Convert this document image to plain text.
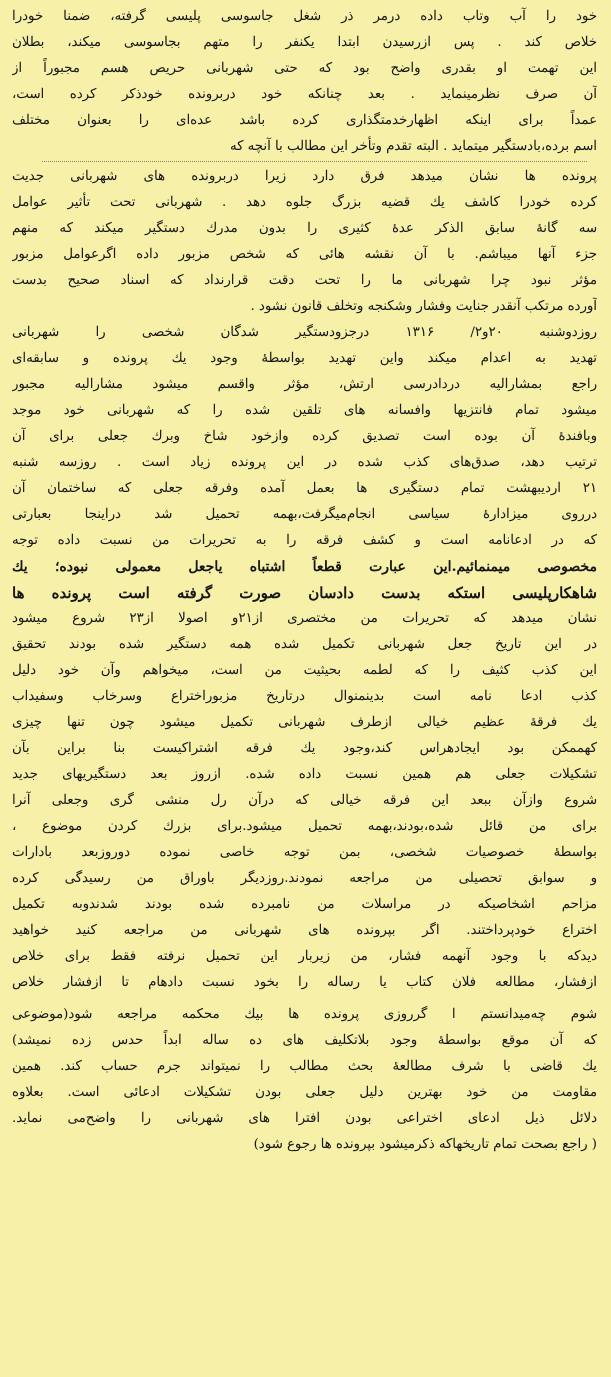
خود را آب وتاب داده درمر ذر شغل جاسوسی پلیسی گرفته، ضمنا خودرا
خلاص کند . پس ازرسیدن ابتدا یکنفر را متهم بجاسوسی میکند، بطلان
این تهمت او بقدری واضح بود که حتی شهربانی حریص هسم مجبوراً از
آن صرف نظرمینماید . بعد چنانکه خود دربرونده خودذکر کرده است،
عمداً برای اینکه اظهارخدمتگذاری کرده باشد عده‌ای را بعنوان مختلف
اسم برده،بادستگیر میتماید . البته تقدم وتأخر این مطالب با آنچه که
پرونده ها نشان میدهد فرق دارد زیرا دربرونده های شهربانی جدیت
کرده خودرا کاشف یك قضیه بزرگ جلوه دهد . شهربانی تحت تأثیر عوامل
سه گانهٔ سابق الذکر عدهٔ کثیری را بدون مدرك دستگیر میکند که منهم
جزء آنها میباشم. با آن نقشه هائی که شخص مزبور داده اگرعوامل مزبور
مؤثر نبود چرا شهربانی ما را تحت دقت قرارنداد که اسناد صحیح بدست
آورده مرتکب آنقدر جنایت وفشار وشکنجه وتخلف قانون نشود .
روزدوشنبه ۲۰و۲/ ۱۳۱۶ درجزودستگیر شدگان شخصی را شهربانی
تهدید به اعدام میکند واین تهدید بواسطهٔ وجود یك پرونده و سابقه‌ای
راجع بمشارالیه دردادرسی ارتش، مؤثر واقسم میشود مشارالیه مجبور
میشود تمام فانتزیها وافسانه های تلقین شده را که شهربانی خود موجد
وبافندهٔ آن بوده است تصدیق کرده وازخود شاخ وبرك جعلی برای آن
ترتیب دهد، صدق‌های کذب شده در این پرونده زیاد است . روزسه شنبه
۲۱ اردیبهشت تمام دستگیری ها بعمل آمده وفرقه جعلی که ساختمان آن
درروی میزادارهٔ سیاسی انجام‌میگرفت،بهمه تحمیل شد دراینجا بعبارتی
که در ادعانامه است و کشف فرقه را به تحریرات من نسبت داده توجه
مخصوصی میمنمائیم.این عبارت قطعاً اشتباه یاجعل معمولی نبوده؛ یك
شاهکارپلیسی استکه بدست دادسان صورت گرفته است پرونده ها
نشان میدهد که تحریرات من مختصری از۲۱و اصولا از۲۳ شروع میشود
در این تاریخ جعل شهربانی تکمیل شده همه دستگیر شده بودند تحقیق
این کذب کثیف را که لطمه بحیثیت من است، میخواهم وآن خود دلیل
کذب ادعا نامه است بدینمنوال درتاریخ مزبوراختراع وسرخاب وسفیداب
یك فرقهٔ عظیم خیالی ازطرف شهربانی تکمیل میشود چون تنها چیزی
کهممکن بود ایجادهراس کند،وجود یك فرقه اشتراکیست بنا براین بآن
تشکیلات جعلی هم همین نسبت داده شده. ازروز بعد دستگیریهای جدید
شروع وازآن ببعد این فرقه خیالی که درآن رل منشی گری وجعلی آنرا
برای من قائل شده،بودند،بهمه تحمیل میشود.برای بزرك کردن موضوع ،
بواسطهٔ خصوصیات شخصی، بمن توجه خاصی نموده دوروزبعد بادارات
و سوابق تحصیلی من مراجعه نمودند.روزدیگر باوراق من رسیدگی کرده
مزاحم اشخاصیکه در مراسلات من نامبرده شده بودند شدندوبه تکمیل
اختراع خودپرداختند. اگر بپرونده های شهربانی من مراجعه کنید خواهید
دیدکه با وجود آنهمه فشار، من زیربار این تحمیل نرفته فقط برای خلاص
ازفشار، مطالعه فلان کتاب یا رساله را بخود نسبت دادهام تا ازفشار خلاص
شوم چه‌میدانستم ا گرروزی پرونده ها بیك محکمه مراجعه شود(موضوعی
که آن موقع بواسطهٔ وجود بلاتکلیف های ده ساله ابداً حدس زده نمیشد)
یك قاضی با شرف مطالعهٔ بحث مطالب را نمیتواند جرم حساب کند. همین
مقاومت من خود بهترین دلیل جعلی بودن تشکیلات ادعائی است. بعلاوه
دلائل ذیل ادعای اختراعی بودن افترا های شهربانی را واضح‌می نماید.
( راجع بصحت تمام تاریخهاکه ذکرمیشود بپرونده ها رجوع شود)
